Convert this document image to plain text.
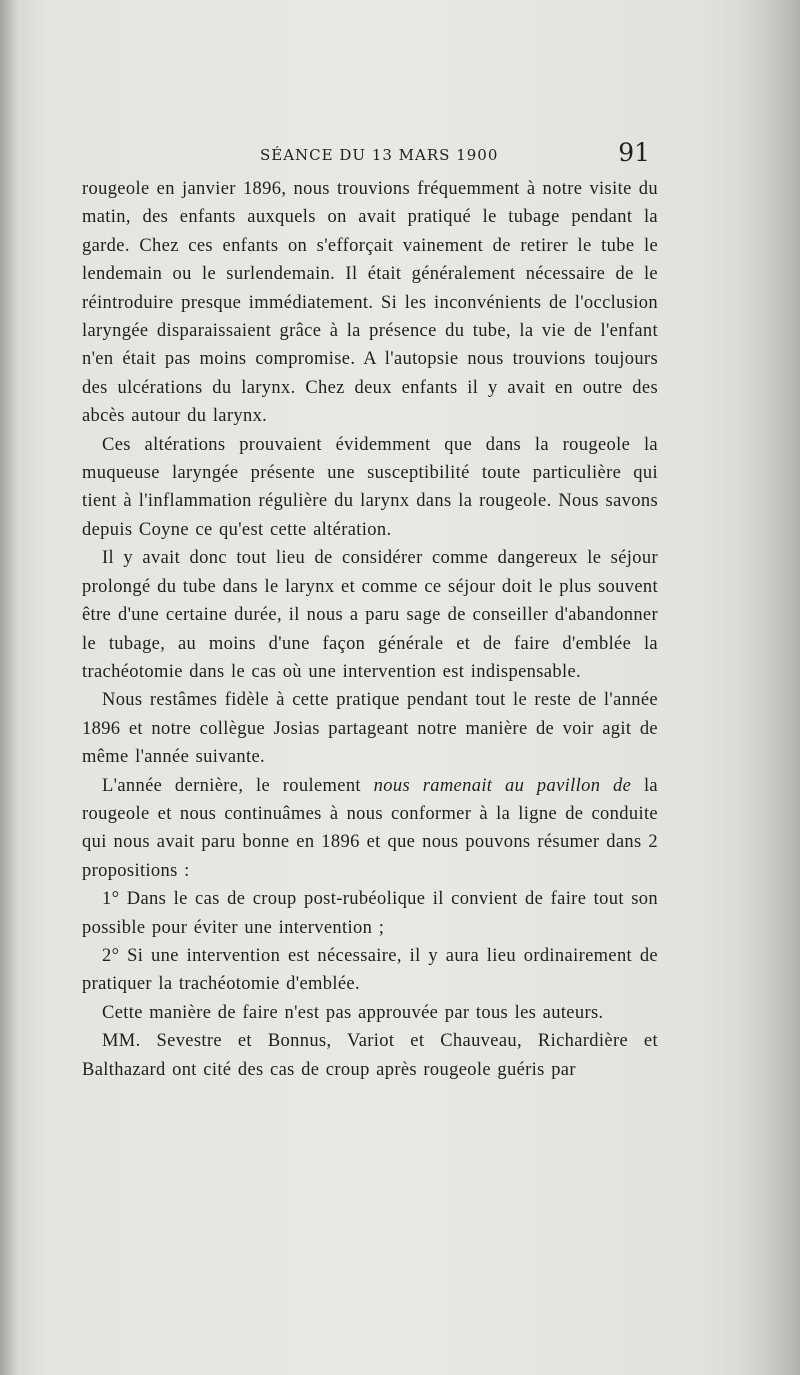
SÉANCE DU 13 MARS 1900	91

rougeole en janvier 1896, nous trouvions fréquemment à notre visite du matin, des enfants auxquels on avait pratiqué le tubage pendant la garde. Chez ces enfants on s'efforçait vainement de retirer le tube le lendemain ou le surlendemain. Il était généralement nécessaire de le réintroduire presque immédiatement. Si les inconvénients de l'occlusion laryngée disparaissaient grâce à la présence du tube, la vie de l'enfant n'en était pas moins compromise. A l'autopsie nous trouvions toujours des ulcérations du larynx. Chez deux enfants il y avait en outre des abcès autour du larynx.

Ces altérations prouvaient évidemment que dans la rougeole la muqueuse laryngée présente une susceptibilité toute particulière qui tient à l'inflammation régulière du larynx dans la rougeole. Nous savons depuis Coyne ce qu'est cette altération.

Il y avait donc tout lieu de considérer comme dangereux le séjour prolongé du tube dans le larynx et comme ce séjour doit le plus souvent être d'une certaine durée, il nous a paru sage de conseiller d'abandonner le tubage, au moins d'une façon générale et de faire d'emblée la trachéotomie dans le cas où une intervention est indispensable.

Nous restâmes fidèle à cette pratique pendant tout le reste de l'année 1896 et notre collègue Josias partageant notre manière de voir agit de même l'année suivante.

L'année dernière, le roulement nous ramenait au pavillon de la rougeole et nous continuâmes à nous conformer à la ligne de conduite qui nous avait paru bonne en 1896 et que nous pouvons résumer dans 2 propositions :

1° Dans le cas de croup post-rubéolique il convient de faire tout son possible pour éviter une intervention ;

2° Si une intervention est nécessaire, il y aura lieu ordinairement de pratiquer la trachéotomie d'emblée.

Cette manière de faire n'est pas approuvée par tous les auteurs.

MM. Sevestre et Bonnus, Variot et Chauveau, Richardière et Balthazard ont cité des cas de croup après rougeole guéris par
